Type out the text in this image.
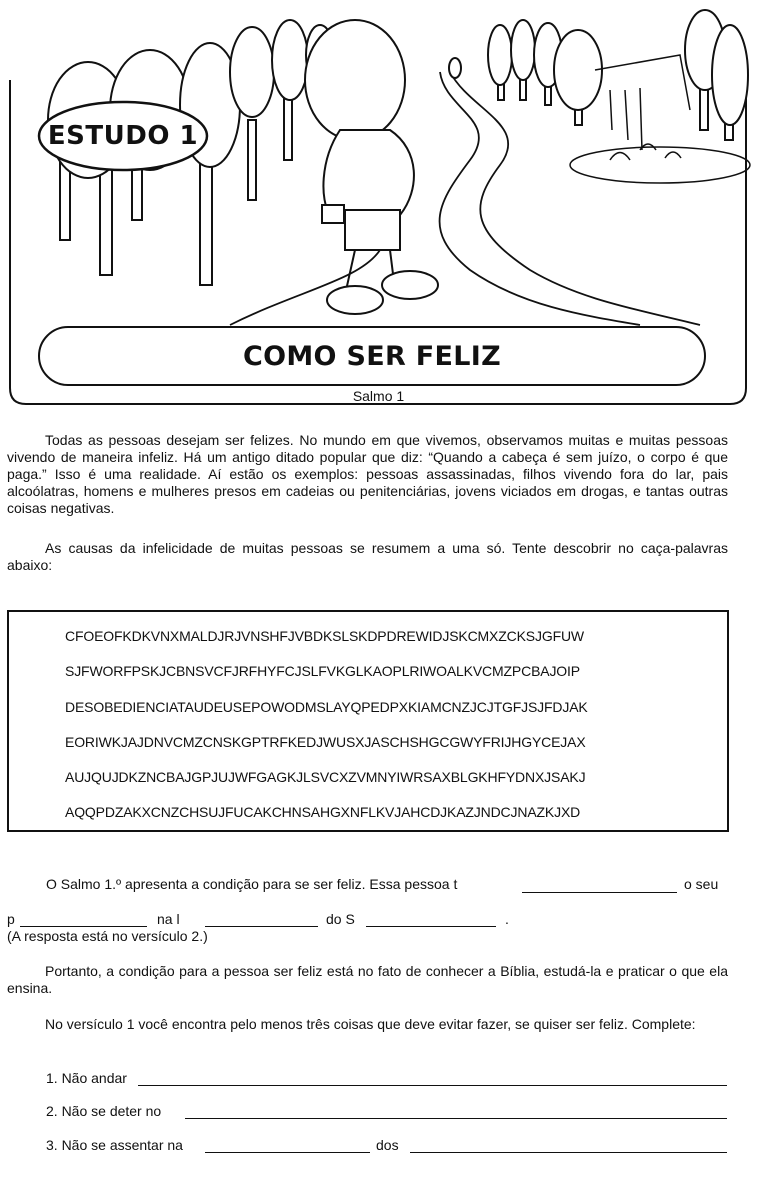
ESTUDO 1
COMO SER FELIZ
Salmo 1
Todas as pessoas desejam ser felizes. No mundo em que vivemos, observamos muitas e muitas pessoas vivendo de maneira infeliz. Há um antigo ditado popular que diz: “Quando a cabeça é sem juízo, o corpo é que paga.” Isso é uma realidade. Aí estão os exemplos: pessoas assassinadas, filhos vivendo fora do lar, pais alcoólatras, homens e mulheres presos em cadeias ou penitenciárias, jovens viciados em drogas, e tantas outras coisas negativas.
As causas da infelicidade de muitas pessoas se resumem a uma só. Tente descobrir no caça-palavras abaixo:
CFOEOFKDKVNXMALDJRJVNSHFJVBDKSLSKDPDREWIDJSKCMXZCKSJGFUW
SJFWORFPSKJCBNSVCFJRFHYFCJSLFVKGLKAOPLRIWOALKVCMZPCBAJOIP
DESOBEDIENCIATAUDEUSEPOWODMSLAYQPEDPXKIAMCNZJCJTGFJSJFDJAK
EORIWKJAJDNVCMZCNSKGPTRFKEDJWUSXJASCHSHGCGWYFRIJHGYCEJAX
AUJQUJDKZNCBAJGPJUJWFGAGKJLSVCXZVMNYIWRSAXBLGKHFYDNXJSAKJ
AQQPDZAKXCNZCHSUJFUCAKCHNSAHGXNFLKVJAHCDJKAZJNDCJNAZKJXD
O Salmo 1.º apresenta a condição para se ser feliz. Essa pessoa t	o seu
p	na l	do S	.
(A resposta está no versículo 2.)
Portanto, a condição para a pessoa ser feliz está no fato de conhecer a Bíblia, estudá-la e praticar o que ela ensina.
No versículo 1 você encontra pelo menos três coisas que deve evitar fazer, se quiser ser feliz. Complete:
1. Não andar
2. Não se deter no
3. Não se assentar na	dos
